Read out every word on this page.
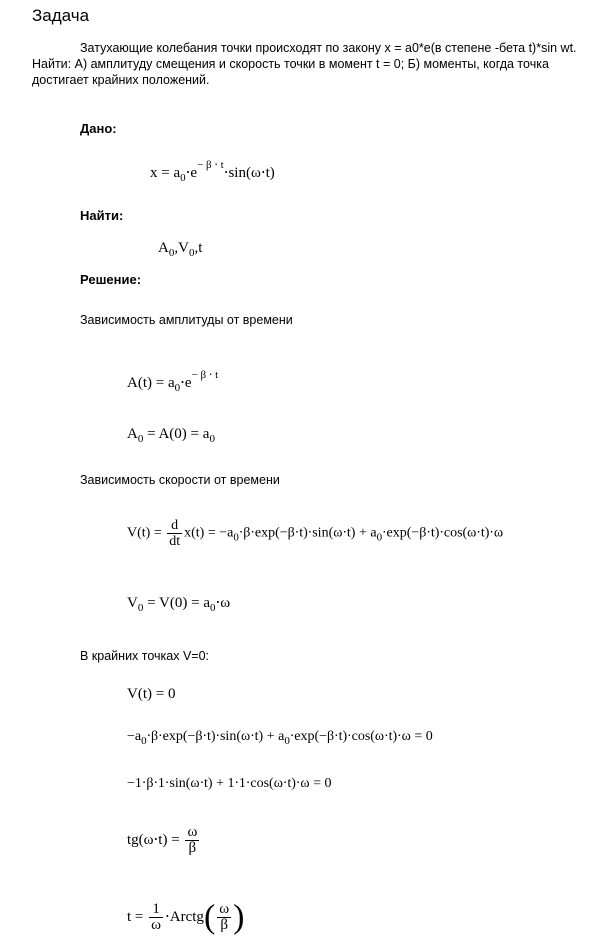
Задача
Затухающие колебания точки происходят по закону x = a0*e(в степене -бета t)*sin wt. Найти: А) амплитуду смещения и скорость точки в момент t = 0; Б) моменты, когда точка достигает крайних положений.
Дано:
$x = a_0\cdot e^{- \beta \cdot t}\cdot\sin(\omega\cdot t)$
Найти:
$A_0,V_0,t$
Решение:
Зависимость амплитуды от времени
$A(t) = a_0\cdot e^{- \beta \cdot t}$
$A_0 = A(0) = a_0$
Зависимость скорости от времени
$V(t) = \frac{d}{dt} x(t) = -a_0\cdot\beta\cdot\exp(-\beta\cdot t)\cdot\sin(\omega\cdot t) + a_0\cdot\exp(-\beta\cdot t)\cdot\cos(\omega\cdot t)\cdot\omega$
$V_0 = V(0) = a_0\cdot\omega$
В крайних точках V=0:
V(t) = 0
$-a_0\cdot\beta\cdot\exp(-\beta\cdot t)\cdot\sin(\omega\cdot t) + a_0\cdot\exp(-\beta\cdot t)\cdot\cos(\omega\cdot t)\cdot\omega = 0$
−1⋅β⋅1⋅sin(ω⋅t) + 1⋅1⋅cos(ω⋅t)⋅ω = 0
$tg(\omega\cdot t) = \frac{\omega}{\beta}$
$t = \frac{1}{\omega}$ ⋅Arctg( $\frac{\omega}{\beta}$ )
